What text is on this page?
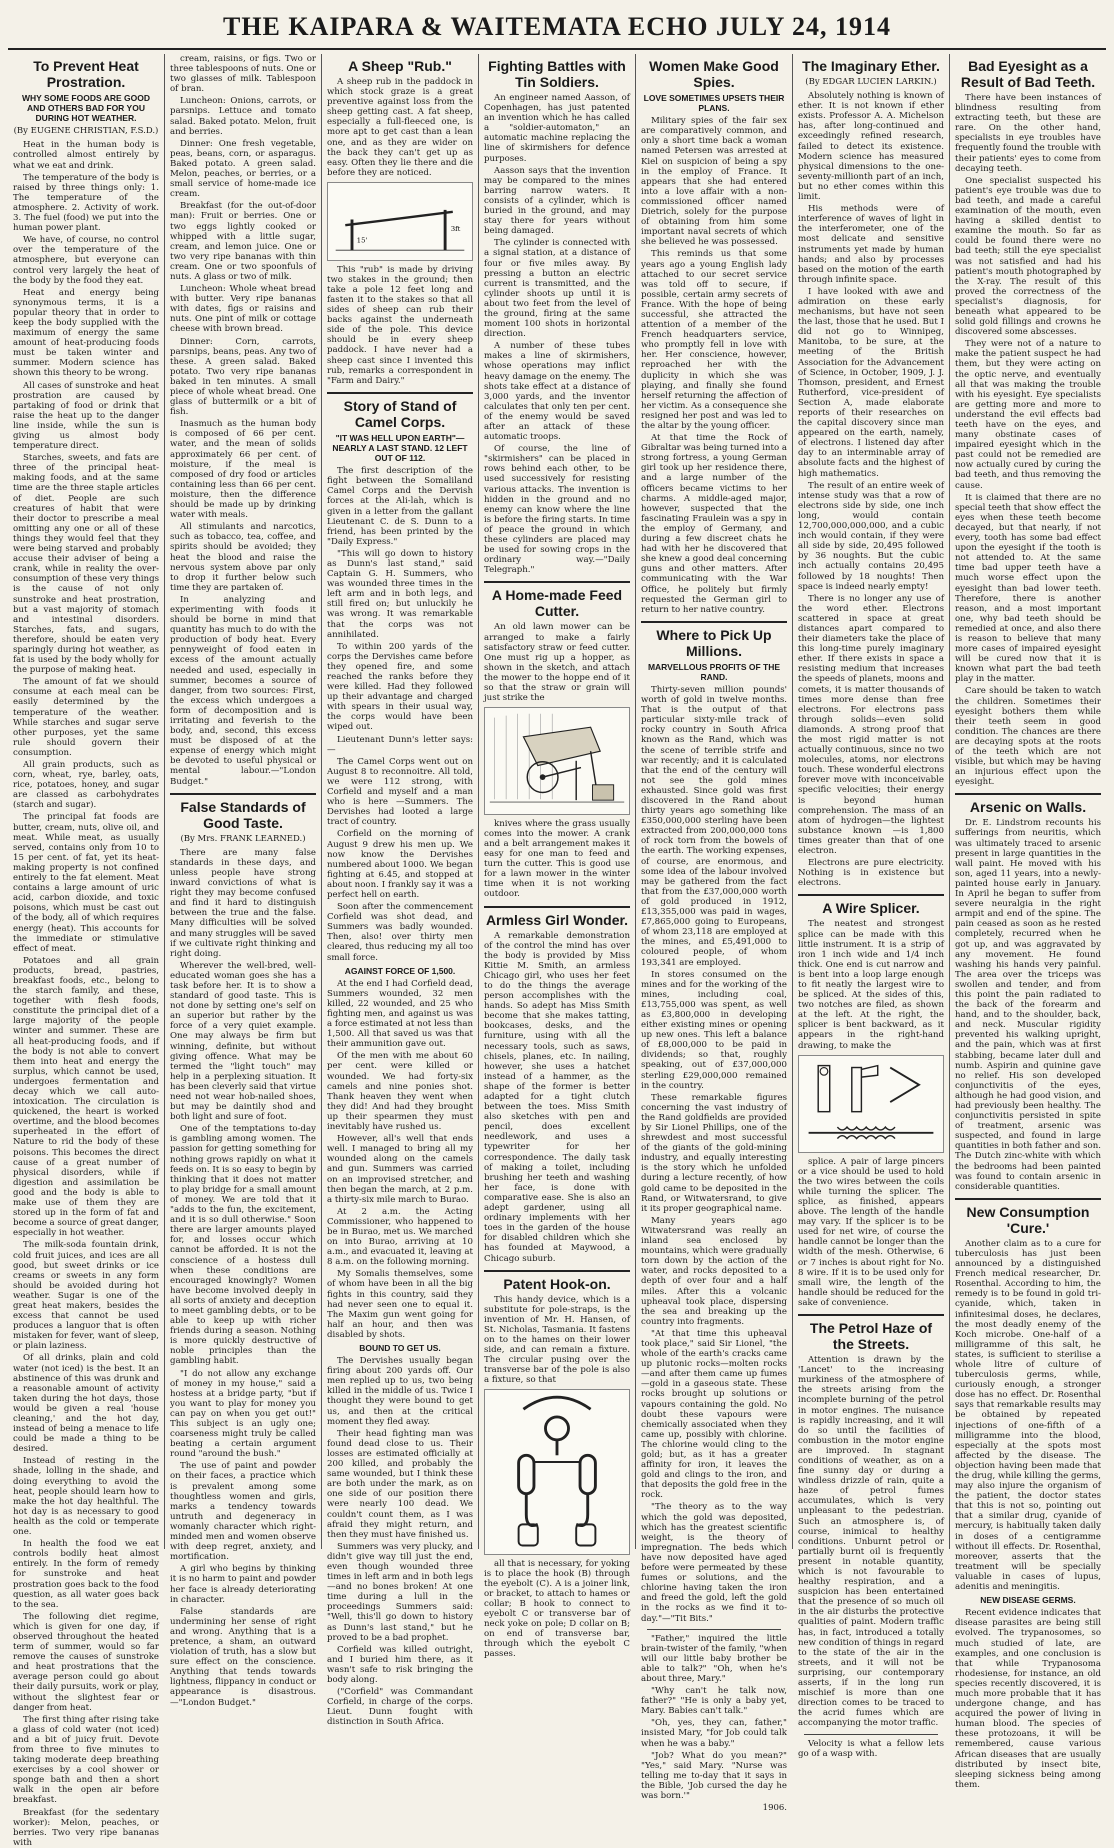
THE KAIPARA & WAITEMATA ECHO JULY 24, 1914
To Prevent Heat Prostration.
WHY SOME FOODS ARE GOOD AND OTHERS BAD FOR YOU DURING HOT WEATHER.
(By EUGENE CHRISTIAN, F.S.D.)

Heat in the human body is controlled almost entirely by what we eat and drink.

The temperature of the body is raised by three things only: 1. The temperature of the atmosphere. 2. Activity of work. 3. The fuel (food) we put into the human power plant.

We have, of course, no control over the temperature of the atmosphere, but everyone can control very largely the heat of the body by the food they eat.

Heat and energy being synonymous terms, it is a popular theory that in order to keep the body supplied with the maximum of energy the same amount of heat-producing foods must be taken winter and summer. Modern science has shown this theory to be wrong.

All cases of sunstroke and heat prostration are caused by partaking of food or drink that raise the heat up to the danger line inside, while the sun is giving us almost body temperature direct.

Starches, sweets, and fats are three of the principal heat-making foods, and at the same time are the three staple articles of diet. People are such creatures of habit that were their doctor to prescribe a meal omitting any one or all of these things they would feel that they were being starved and probably accuse their adviser of being a crank, while in reality the over-consumption of these very things is the cause of not only sunstroke and heat prostration, but a vast majority of stomach and intestinal disorders. Starches, fats, and sugars, therefore, should be eaten very sparingly during hot weather, as fat is used by the body wholly for the purpose of making heat.

The amount of fat we should consume at each meal can be easily determined by the temperature of the weather. While starches and sugar serve other purposes, yet the same rule should govern their consumption.

All grain products, such as corn, wheat, rye, barley, oats, rice, potatoes, honey, and sugar are classed as carbohydrates (starch and sugar).

The principal fat foods are butter, cream, nuts, olive oil, and meat. While meat, as usually served, contains only from 10 to 15 per cent. of fat, yet its heat-making property is not confined entirely to the fat element. Meat contains a large amount of uric acid, carbon dioxide, and toxic poisons, which must be cast out of the body, all of which requires energy (heat). This accounts for the immediate or stimulative effect of meat.

Potatoes and all grain products, bread, pastries, breakfast foods, etc., belong to the starch family, and these, together with flesh foods, constitute the principal diet of a large majority of the people winter and summer. These are all heat-producing foods, and if the body is not able to convert them into heat and energy the surplus, which cannot be used, undergoes fermentation and decay which we call auto-intoxication. The circulation is quickened, the heart is worked overtime, and the blood becomes superheated in the effort of Nature to rid the body of these poisons. This becomes the direct cause of a great number of physical disorders, while if digestion and assimilation be good and the body is able to make use of them they are stored up in the form of fat and become a source of great danger, especially in hot weather.

The milk-soda fountain drink, cold fruit juices, and ices are all good, but sweet drinks or ice creams or sweets in any form should be avoided during hot weather. Sugar is one of the great heat makers, besides the excess that cannot be used produces a languor that is often mistaken for fever, want of sleep, or plain laziness.

Of all drinks, plain and cold water (not iced) is the best. It an abstinence of this was drunk and a reasonable amount of activity taken during the hot days, those would be given a real 'house cleaning,' and the hot day, instead of being a menace to life could be made a thing to be desired.

Instead of resting in the shade, lolling in the shade, and doing everything to avoid the heat, people should learn how to make the hot day healthful. The hot day is as necessary to good health as the cold or temperate one.

In health the food we eat controls bodily heat almost entirely. In the form of remedy for sunstroke and heat prostration goes back to the food question, as all water goes back to the sea.

The following diet regime, which is given for one day, if observed throughout the heated term of summer, would so far remove the causes of sunstroke and heat prostrations that the average person could go about their daily pursuits, work or play, without the slightest fear or danger from heat.

The first thing after rising take a glass of cold water (not iced) and a bit of juicy fruit. Devote from three to five minutes to taking moderate deep breathing exercises by a cool shower or sponge bath and then a short walk in the open air before breakfast.

Breakfast (for the sedentary worker): Melon, peaches, or berries. Two very ripe bananas with

cream, raisins, or figs. Two or three tablespoons of nuts. One or two glasses of milk. Tablespoon of bran.

Luncheon: Onions, carrots, or parsnips. Lettuce and tomato salad. Baked potato. Melon, fruit and berries.

Dinner: One fresh vegetable, peas, beans, corn, or asparagus. Baked potato. A green salad. Melon, peaches, or berries, or a small service of home-made ice cream.

Breakfast (for the out-of-door man): Fruit or berries. One or two eggs lightly cooked or whipped with a little sugar, cream, and lemon juice. One or two very ripe bananas with thin cream. One or two spoonfuls of nuts. A glass or two of milk.

Luncheon: Whole wheat bread with butter. Very ripe bananas with dates, figs or raisins and nuts. One pint of milk or cottage cheese with brown bread.

Dinner: Corn, carrots, parsnips, beans, peas. Any two of these. A green salad. Baked potato. Two very ripe bananas baked in ten minutes. A small piece of whole wheat bread. One glass of buttermilk or a bit of fish.

Inasmuch as the human body is composed of 66 per cent. water, and the mean of solids approximately 66 per cent. of moisture, if the meal is composed of dry food or articles containing less than 66 per cent. moisture, then the difference should be made up by drinking water with meals.

All stimulants and narcotics, such as tobacco, tea, coffee, and spirits should be avoided; they heat the blood and raise the nervous system above par only to drop it further below such time they are partaken of.

In analyzing and experimenting with foods it should be borne in mind that quantity has much to do with the production of body heat. Every pennyweight of food eaten in excess of the amount actually needed and used, especially in summer, becomes a source of danger, from two sources: First, the excess which undergoes a form of decomposition and is irritating and feverish to the body, and, second, this excess must be disposed of at the expense of energy which might be devoted to useful physical or mental labour.—"London Budget."

False Standards of Good Taste.
(By Mrs. FRANK LEARNED.)

There are many false standards in these days, and unless people have strong inward convictions of what is right they may become confused and find it hard to distinguish between the true and the false. Many difficulties will be solved and many struggles will be saved if we cultivate right thinking and right doing.

Wherever the well-bred, well-educated woman goes she has a task before her. It is to show a standard of good taste. This is not done by setting one's self on an superior but rather by the force of a very quiet example. One may always be firm but winning, definite, but without giving offence. What may be termed the "light touch" may help in a perplexing situation. It has been cleverly said that virtue need not wear hob-nailed shoes, but may be daintily shod and both light and sure of foot.

One of the temptations to-day is gambling among women. The passion for getting something for nothing grows rapidly on what it feeds on. It is so easy to begin by thinking that it does not matter to play bridge for a small amount of money. We are told that it "adds to the fun, the excitement, and it is so dull otherwise." Soon there are larger amounts played for, and losses occur which cannot be afforded. It is not the conscience of a hostess dull when these conditions are encouraged knowingly? Women have become involved deeply in all sorts of anxiety and deception to meet gambling debts, or to be able to keep up with richer friends during a season. Nothing is more quickly destructive of noble principles than the gambling habit.

"I do not allow any exchange of money in my house," said a hostess at a bridge party, "but if you want to play for money you can pay on when you get out!" This subject is an ugly one; coarseness might truly be called beating a certain argument round "around the bush."

The use of paint and powder on their faces, a practice which is prevalent among some thoughtless women and girls, marks a tendency towards untruth and degeneracy in womanly character which right-minded men and women observe with deep regret, anxiety, and mortification.

A girl who begins by thinking it is no harm to paint and powder her face is already deteriorating in character.

False standards are undermining her sense of right and wrong. Anything that is a pretence, a sham, an outward violation of truth, has a slow but sure effect on the conscience. Anything that tends towards lightness, flippancy in conduct or appearance is disastrous.—"London Budget."

A Sheep "Rub."

A sheep rub in the paddock in which stock graze is a great preventive against loss from the sheep getting cast. A fat sheep, especially a full-fleeced one, is more apt to get cast than a lean one, and as they are wider on the back they can't get up as easy. Often they lie there and die before they are noticed.

15'
3ft

This "rub" is made by driving two stakes in the ground; then take a pole 12 feet long and fasten it to the stakes so that all sides of sheep can rub their backs against the underneath side of the pole. This device should be in every sheep paddock. I have never had a sheep cast since I invented this rub, remarks a correspondent in "Farm and Dairy."

Story of Stand of Camel Corps.
"IT WAS HELL UPON EARTH"—NEARLY A LAST STAND. 12 LEFT OUT OF 112.

The first description of the fight between the Somaliland Camel Corps and the Dervish forces at the Ali-lah, which is given in a letter from the gallant Lieutenant C. de S. Dunn to a friend, has been printed by the "Daily Express."

"This will go down to history as Dunn's last stand," said Captain G. H. Summers, who was wounded three times in the left arm and in both legs, and still fired on; but unluckily he was wrong. It was remarkable that the corps was not annihilated.

To within 200 yards of the corps the Dervishes came before they opened fire, and some reached the ranks before they were killed. Had they followed up their advantage and charged with spears in their usual way, the corps would have been wiped out.

Lieutenant Dunn's letter says:—

The Camel Corps went out on August 8 to reconnoitre. All told, we were 112 strong, with Corfield and myself and a man who is here —Summers. The Dervishes had looted a large tract of country.

Corfield on the morning of August 9 drew his men up. We now know the Dervishes numbered about 1000. We began fighting at 6.45, and stopped at about noon. I frankly say it was a perfect hell on earth.

Soon after the commencement Corfield was shot dead, and Summers was badly wounded. Then, also! over thirty men cleared, thus reducing my all too small force.

AGAINST FORCE OF 1,500.

At the end I had Corfield dead, Summers wounded, 32 men killed, 22 wounded, and 25 who fighting men, and against us was a force estimated at not less than 1,500. All that saved us was that their ammunition gave out.

Of the men with me about 60 per cent. were killed or wounded. We had forty-six camels and nine ponies shot. Thank heaven they went when they did! And had they brought up their spearmen they must inevitably have rushed us.

However, all's well that ends well. I managed to bring all my wounded along on the camels and gun. Summers was carried on an improvised stretcher, and then began the march, at 2 p.m. a thirty-six mile march to Burao.

At 2 a.m. the Acting Commissioner, who happened to be in Burao, met us. We marched on into Burao, arriving at 10 a.m., and evacuated it, leaving at 8 a.m. on the following morning.

My Somalis themselves, some of whom have been in all the big fights in this country, said they had never seen one to equal it. The Maxim gun went going for half an hour, and then was disabled by shots.

BOUND TO GET US.

The Dervishes usually began firing about 200 yards off. Our men replied up to us, two being killed in the middle of us. Twice I thought they were bound to get us, and then at the critical moment they fled away.

Their head fighting man was found dead close to us. Their losses are estimated officially at 200 killed, and probably the same wounded, but I think these are both under the mark, as on one side of our position there were nearly 100 dead. We couldn't count them, as I was afraid they might return, and then they must have finished us.

Summers was very plucky, and didn't give way till just the end, even though wounded three times in left arm and in both legs—and no bones broken! At one time during a lull in the proceedings Summers said: "Well, this'll go down to history as Dunn's last stand," but he proved to be a bad prophet.

Corfield was killed outright, and I buried him there, as it wasn't safe to risk bringing the body along.

("Corfield" was Commandant Corfield, in charge of the corps. Lieut. Dunn fought with distinction in South Africa.

Fighting Battles with Tin Soldiers.

An engineer named Aasson, of Copenhagen, has just patented an invention which he has called a "soldier-automaton," an automatic machine replacing the line of skirmishers for defence purposes.

Aasson says that the invention may be compared to the mines barring narrow waters. It consists of a cylinder, which is buried in the ground, and may stay there for years without being damaged.

The cylinder is connected with a signal station, at a distance of four or five miles away. By pressing a button an electric current is transmitted, and the cylinder shoots up until it is about two feet from the level of the ground, firing at the same moment 100 shots in horizontal direction.

A number of these tubes makes a line of skirmishers, whose operations may inflict heavy damage on the enemy. The shots take effect at a distance of 3,000 yards, and the inventor calculates that only ten per cent. of the enemy would be saved after an attack of these automatic troops.

Of course, the line of "skirmishers" can be placed in rows behind each other, to be used successively for resisting various attacks. The invention is hidden in the ground and no enemy can know where the line is before the firing starts. In time of peace the ground in which these cylinders are placed may be used for sowing crops in the ordinary way.—"Daily Telegraph."

A Home-made Feed Cutter.

An old lawn mower can be arranged to make a fairly satisfactory straw or feed cutter. One must rig up a hopper, as shown in the sketch, and attach the mower to the hoppe end of it so that the straw or grain will just strike the

knives where the grass usually comes into the mower. A crank and a belt arrangement makes it easy for one man to feed and turn the cutter. This is good use for a lawn mower in the winter time when it is not working outdoor.

Armless Girl Wonder.

A remarkable demonstration of the control the mind has over the body is provided by Miss Kittie M. Smith, an armless Chicago girl, who uses her feet to do the things the average person accomplishes with the hands. So adept has Miss Smith become that she makes tatting, bookcases, desks, and the furniture, using with all the necessary tools, such as saws, chisels, planes, etc. In nailing, however, she uses a hatchet instead of a hammer, as the shape of the former is better adapted for a tight clutch between the toes. Miss Smith also sketches with pen and pencil, does excellent needlework, and uses a typewriter for her correspondence. The daily task of making a toilet, including brushing her teeth and washing her face, is done with comparative ease. She is also an adept gardener, using all ordinary implements with her toes in the garden of the house for disabled children which she has founded at Maywood, a Chicago suburb.

Patent Hook-on.

This handy device, which is a substitute for pole-straps, is the invention of Mr. H. Hansen, of St. Nicholas, Tasmania. It fastens on to the hames on their lower side, and can remain a fixture. The circular pusing over the transverse bar of the pole is also a fixture, so that

all that is necessary, for yoking is to place the hook (B) through the eyebolt (C). A is a joiner link, or bracket, to attach to hames or collar; B hook to connect to eyebolt C or transverse bar of neck yoke on pole; D collar on B; on end of transverse bar, through which the eyebolt C passes.

Women Make Good Spies.
LOVE SOMETIMES UPSETS THEIR PLANS.

Military spies of the fair sex are comparatively common, and only a short time back a woman named Petersen was arrested at Kiel on suspicion of being a spy in the employ of France. It appears that she had entered into a love affair with a non-commissioned officer named Dietrich, solely for the purpose of obtaining from him some important naval secrets of which she believed he was possessed.

This reminds us that some years ago a young English lady attached to our secret service was told off to secure, if possible, certain army secrets of France. With the hope of being successful, she attracted the attention of a member of the French headquarters service, who promptly fell in love with her. Her conscience, however, reproached her with the duplicity in which she was playing, and finally she found herself returning the affection of her victim. As a consequence she resigned her post and was led to the altar by the young officer.

At that time the Rock of Gibraltar was being turned into a strong fortress, a young German girl took up her residence there, and a large number of the officers became victims to her charms. A middle-aged major, however, suspected that the fascinating Fraulein was a spy in the employ of Germany, and during a few discreet chats he had with her he discovered that she knew a good deal concerning guns and other matters. After communicating with the War Office, he politely but firmly requested the German girl to return to her native country.

Where to Pick Up Millions.
MARVELLOUS PROFITS OF THE RAND.

Thirty-seven million pounds' worth of gold in twelve months. That is the output of that particular sixty-mile track of rocky country in South Africa known as the Rand, which was the scene of terrible strife and war recently; and it is calculated that the end of the century will not see the gold mines exhausted. Since gold was first discovered in the Rand about thirty years ago something like £350,000,000 sterling have been extracted from 200,000,000 tons of rock torn from the bowels of the earth. The working expenses, of course, are enormous, and some idea of the labour involved may be gathered from the fact that from the £37,000,000 worth of gold produced in 1912, £13,355,000 was paid in wages, £7,865,000 going to Europeans, of whom 23,118 are employed at the mines, and £5,491,000 to coloured people, of whom 193,341 are employed.

In stores consumed on the mines and for the working of the mines, including coal, £13,755,000 was spent, as well as £3,800,000 in developing either existing mines or opening up new ones. This left a balance of £8,000,000 to be paid in dividends; so that, roughly speaking, out of £37,000,000 sterling £29,000,000 remained in the country.

These remarkable figures concerning the vast industry of the Rand goldfields are provided by Sir Lionel Phillips, one of the shrewdest and most successful of the giants of the gold-mining industry, and equally interesting is the story which he unfolded during a lecture recently, of how gold came to be deposited in the Rand, or Witwatersrand, to give it its proper geographical name.

Many years ago Witwatersrand was really an inland sea enclosed by mountains, which were gradually torn down by the action of the water, and rocks deposited to a depth of over four and a half miles. After this a volcanic upheaval took place, dispersing the sea and breaking up the country into fragments.

"At that time this upheaval took place," said Sir Lionel, "the whole of the earth's cracks came up plutonic rocks—molten rocks—and after them came up fumes—gold in a gaseous state. These rocks brought up solutions or vapours containing the gold. No doubt these vapours were chemically associated when they came up, possibly with chlorine. The chlorine would cling to the gold; but, as it has a greater affinity for iron, it leaves the gold and clings to the iron, and that deposits the gold free in the rock.

"The theory as to the way which the gold was deposited, which has the greatest scientific weight, is the theory of impregnation. The beds which have now deposited have aged before were permeated by these fumes or solutions, and the chlorine having taken the iron and freed the gold, left the gold in the rocks as we find it to-day."—"Tit Bits."

"Father," inquired the little brain-twister of the family, "when will our little baby brother be able to talk?" "Oh, when he's about three, Mary."

"Why can't he talk now, father?" "He is only a baby yet, Mary. Babies can't talk."

"Oh, yes, they can, father," insisted Mary, "for Job could talk when he was a baby."

"Job? What do you mean?" "Yes," said Mary. "Nurse was telling me to-day that it says in the Bible, 'Job cursed the day he was born.'"

1906.
The Imaginary Ether.
(By EDGAR LUCIEN LARKIN.)

Absolutely nothing is known of ether. It is not known if ether exists. Professor A. A. Michelson has, after long-continued and exceedingly refined research, failed to detect its existence. Modern science has measured physical dimensions to the one-seventy-millionth part of an inch, but no ether comes within this limit.

His methods were of interference of waves of light in the interferometer, one of the most delicate and sensitive instruments yet made by human hands; and also by processes based on the motion of the earth through infinite space.

I have looked with awe and admiration on these early mechanisms, but have not seen the last, those that he used. But I did not go to Winnipeg, Manitoba, to be sure, at the meeting of the British Association for the Advancement of Science, in October, 1909, J. J. Thomson, president, and Ernest Rutherford, vice-president of Section A, made elaborate reports of their researches on the capital discovery since man appeared on the earth, namely, of electrons. I listened day after day to an interminable array of absolute facts and the highest of high mathematics.

The result of an entire week of intense study was that a row of electrons side by side, one inch long, would contain 12,700,000,000,000, and a cubic inch would contain, if they were all side by side, 20,495 followed by 36 noughts. But the cubic inch actually contains 20,495 followed by 18 noughts! Then space is indeed nearly empty!

There is no longer any use of the word ether. Electrons scattered in space at great distances apart compared to their diameters take the place of this long-time purely imaginary ether. If there exists in space a resisting medium that increases the speeds of planets, moons and comets, it is matter thousands of times more dense than free electrons. For electrons pass through solids—even solid diamonds. A strong proof that the most rigid matter is not actually continuous, since no two molecules, atoms, nor electrons touch. These wonderful electrons forever move with inconceivable specific velocities; their energy is beyond human comprehension. The mass of an atom of hydrogen—the lightest substance known —is 1,800 times greater than that of one electron.

Electrons are pure electricity. Nothing is in existence but electrons.

A Wire Splicer.

The neatest and strongest splice can be made with this little instrument. It is a strip of iron 1 inch wide and 1/4 inch thick. One end is cut narrow and is bent into a loop large enough to fit neatly the largest wire to be spliced. At the sides of this, two notches are filed, as shown at the left. At the right, the splicer is bent backward, as it appears in the right-hand drawing, to make the

splice. A pair of large pincers or a vice should be used to hold the two wires between the coils while turning the splicer. The splice, as finished, appears above. The length of the handle may vary. If the splicer is to be used for net wire, of course the handle cannot be longer than the width of the mesh. Otherwise, 6 or 7 inches is about right for No. 8 wire. If it is to be used only for small wire, the length of the handle should be reduced for the sake of convenience.

The Petrol Haze of the Streets.

Attention is drawn by the 'Lancet' to the increasing murkiness of the atmosphere of the streets arising from the incomplete burning of the petrol in motor engines. The nuisance is rapidly increasing, and it will do so until the facilities of combustion in the motor engine are improved. In stagnant conditions of weather, as on a fine sunny day or during a windless drizzle of rain, quite a haze of petrol fumes accumulates, which is very unpleasant to the pedestrian. Such an atmosphere is, of course, inimical to healthy conditions. Unburnt petrol or partially burnt oil is frequently present in notable quantity, which is not favourable to healthy respiration, and a suspicion has been entertained that the presence of so much oil in the air disturbs the protective qualities of paint. Modern traffic has, in fact, introduced a totally new condition of things in regard to the state of the air in the streets, and it will not be surprising, our contemporary asserts, if in the long run mischief is more than one direction comes to be traced to the acrid fumes which are accompanying the motor traffic.

Velocity is what a fellow lets go of a wasp with.

Bad Eyesight as a Result of Bad Teeth.

There have been instances of blindness resulting from extracting teeth, but these are rare. On the other hand, specialists in eye troubles have frequently found the trouble with their patients' eyes to come from decaying teeth.

One specialist suspected his patient's eye trouble was due to bad teeth, and made a careful examination of the mouth, even having a skilled dentist to examine the mouth. So far as could be found there were no bad teeth; still the eye specialist was not satisfied and had his patient's mouth photographed by the X-ray. The result of this proved the correctness of the specialist's diagnosis, for beneath what appeared to be solid gold fillings and crowns he discovered some abscesses.

They were not of a nature to make the patient suspect he had them, but they were acting on the optic nerve, and eventually all that was making the trouble with his eyesight. Eye specialists are getting more and more to understand the evil effects bad teeth have on the eyes, and many obstinate cases of impaired eyesight which in the past could not be remedied are now actually cured by curing the bad teeth, and thus removing the cause.

It is claimed that there are no special teeth that show effect the eyes when these teeth become decayed, but that nearly, if not every, tooth has some bad effect upon the eyesight if the tooth is not attended to. At the same time bad upper teeth have a much worse effect upon the eyesight than bad lower teeth. Therefore, there is another reason, and a most important one, why bad teeth should be remedied at once, and also there is reason to believe that many more cases of impaired eyesight will be cured now that it is known what part the bad teeth play in the matter.

Care should be taken to watch the children. Sometimes their eyesight bothers them while their teeth seem in good condition. The chances are there are decaying spots at the roots of the teeth which are not visible, but which may be having an injurious effect upon the eyesight.

Arsenic on Walls.

Dr. E. Lindstrom recounts his sufferings from neuritis, which was ultimately traced to arsenic present in large quantities in the wall paint. He moved with his son, aged 11 years, into a newly-painted house early in January. In April he began to suffer from severe neuralgia in the right armpit and end of the spine. The pain ceased as soon as he rested completely, recurred when he got up, and was aggravated by any movement. He found washing his hands very painful. The area over the triceps was swollen and tender, and from this point the pain radiated to the back of the forearm and hand, and to the shoulder, back, and neck. Muscular rigidity prevented his walking upright, and the pain, which was at first stabbing, became later dull and numb. Aspirin and quinine gave no relief. His son developed conjunctivitis of the eyes, although he had good vision, and had previously been healthy. The conjunctivitis persisted in spite of treatment, arsenic was suspected, and found in large quantities in both father and son. The Dutch zinc-white with which the bedrooms had been painted was found to contain arsenic in considerable quantities.

New Consumption 'Cure.'

Another claim as to a cure for tuberculosis has just been announced by a distinguished French medical researcher, Dr. Rosenthal. According to him, the remedy is to be found in gold tri-cyanide, which, taken in infinitesimal doses, he declares, the most deadly enemy of the Koch microbe. One-half of a milligramme of this salt, he states, is sufficient to sterilise a whole litre of culture of tuberculosis germs, while, curiously enough, a stronger dose has no effect. Dr. Rosenthal says that remarkable results may be obtained by repeated injections of one-fifth of a milligramme into the blood, especially at the spots most affected by the disease. The objection having been made that the drug, while killing the germs, may also injure the organism of the patient, the doctor states that this is not so, pointing out that a similar drug, cyanide of mercury, is habitually taken daily in doses of a centigramme without ill effects. Dr. Rosenthal, moreover, asserts that the treatment will be specially valuable in cases of lupus, adenitis and meningitis.

NEW DISEASE GERMS.

Recent evidence indicates that disease parasites are being still evolved. The trypanosomes, so much studied of late, are examples, and one conclusion is that while Trypanosoma rhodesiense, for instance, an old species recently discovered, it is much more probable that it has undergone change, and has acquired the power of living in human blood. The species of these protozoans, it will be remembered, cause various African diseases that are usually distributed by insect bite, sleeping sickness being among them.
